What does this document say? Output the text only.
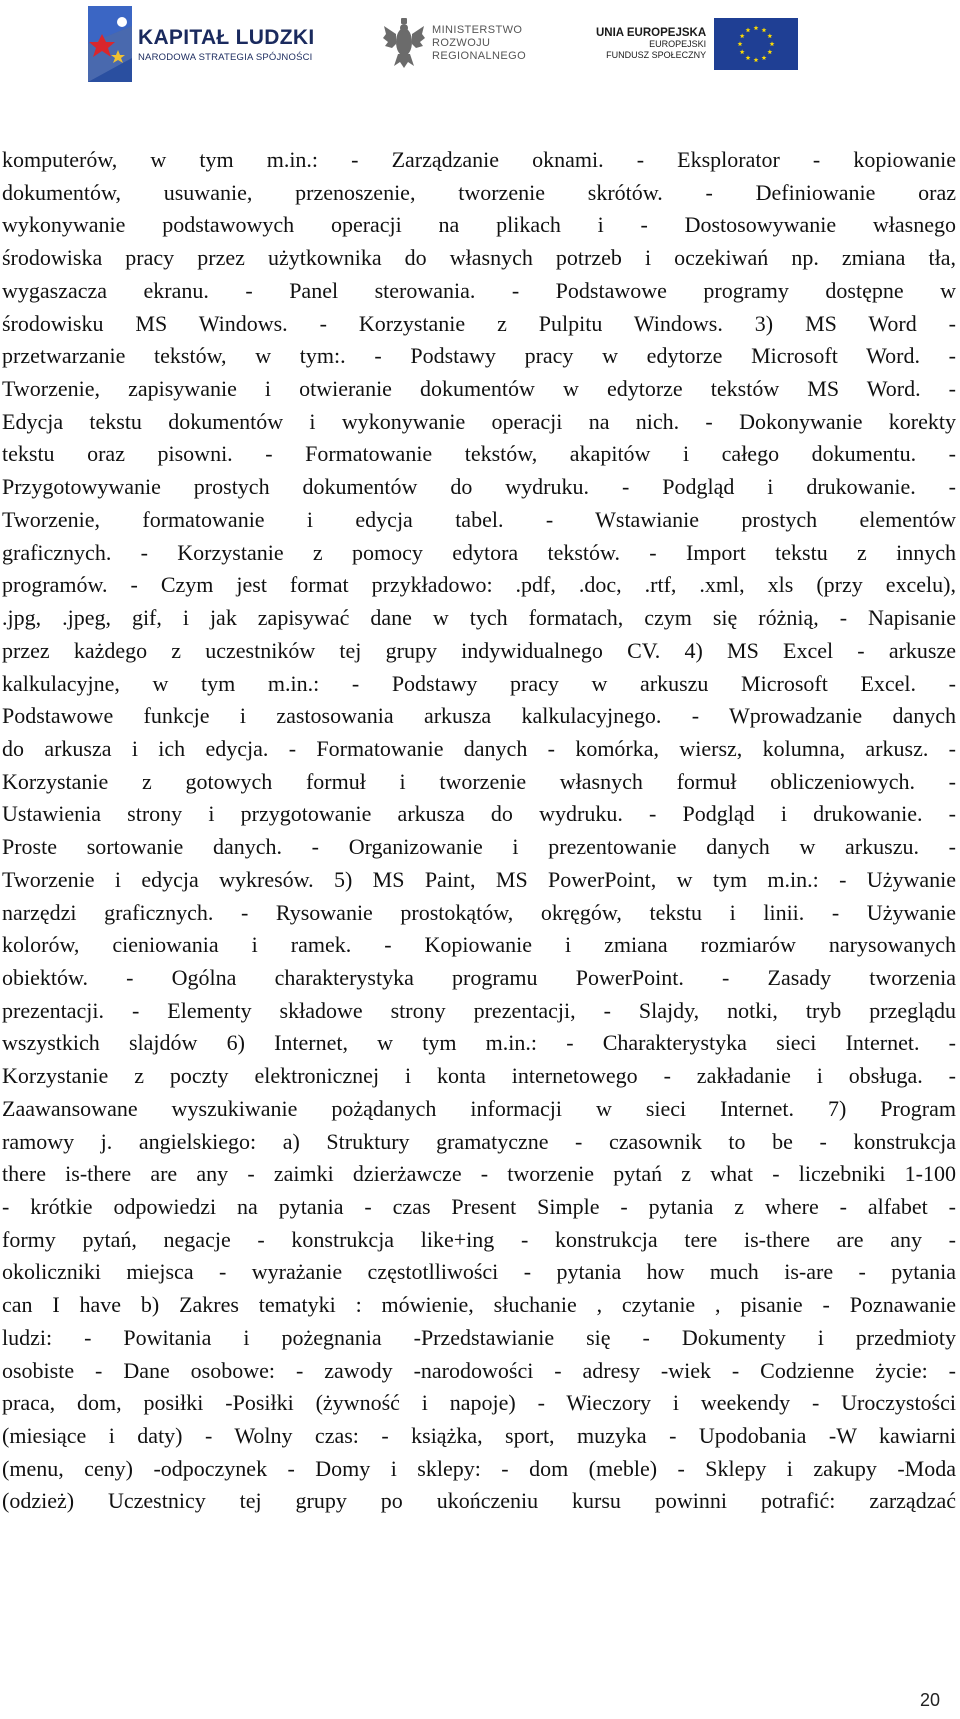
KAPITAŁ LUDZKI
NARODOWA STRATEGIA SPÓJNOŚCI
MINISTERSTWO
ROZWOJU
REGIONALNEGO
UNIA EUROPEJSKA
EUROPEJSKI
FUNDUSZ SPOŁECZNY
komputerów, w tym m.in.: - Zarządzanie oknami. - Eksplorator - kopiowanie
dokumentów, usuwanie, przenoszenie, tworzenie skrótów. - Definiowanie oraz
wykonywanie podstawowych operacji na plikach i - Dostosowywanie własnego
środowiska pracy przez użytkownika do własnych potrzeb i oczekiwań np. zmiana tła,
wygaszacza ekranu. - Panel sterowania. - Podstawowe programy dostępne w
środowisku MS Windows. - Korzystanie z Pulpitu Windows. 3) MS Word -
przetwarzanie tekstów, w tym:. - Podstawy pracy w edytorze Microsoft Word. -
Tworzenie, zapisywanie i otwieranie dokumentów w edytorze tekstów MS Word. -
Edycja tekstu dokumentów i wykonywanie operacji na nich. - Dokonywanie korekty
tekstu oraz pisowni. - Formatowanie tekstów, akapitów i całego dokumentu. -
Przygotowywanie prostych dokumentów do wydruku. - Podgląd i drukowanie. -
Tworzenie, formatowanie i edycja tabel. - Wstawianie prostych elementów
graficznych. - Korzystanie z pomocy edytora tekstów. - Import tekstu z innych
programów. - Czym jest format przykładowo: .pdf, .doc, .rtf, .xml, xls (przy excelu),
.jpg, .jpeg, gif, i jak zapisywać dane w tych formatach, czym się różnią, - Napisanie
przez każdego z uczestników tej grupy indywidualnego CV. 4) MS Excel - arkusze
kalkulacyjne, w tym m.in.: - Podstawy pracy w arkuszu Microsoft Excel. -
Podstawowe funkcje i zastosowania arkusza kalkulacyjnego. - Wprowadzanie danych
do arkusza i ich edycja. - Formatowanie danych - komórka, wiersz, kolumna, arkusz. -
Korzystanie z gotowych formuł i tworzenie własnych formuł obliczeniowych. -
Ustawienia strony i przygotowanie arkusza do wydruku. - Podgląd i drukowanie. -
Proste sortowanie danych. - Organizowanie i prezentowanie danych w arkuszu. -
Tworzenie i edycja wykresów. 5) MS Paint, MS PowerPoint, w tym m.in.: - Używanie
narzędzi graficznych. - Rysowanie prostokątów, okręgów, tekstu i linii. - Używanie
kolorów, cieniowania i ramek. - Kopiowanie i zmiana rozmiarów narysowanych
obiektów. - Ogólna charakterystyka programu PowerPoint. - Zasady tworzenia
prezentacji. - Elementy składowe strony prezentacji, - Slajdy, notki, tryb przeglądu
wszystkich slajdów 6) Internet, w tym m.in.: - Charakterystyka sieci Internet. -
Korzystanie z poczty elektronicznej i konta internetowego - zakładanie i obsługa. -
Zaawansowane wyszukiwanie pożądanych informacji w sieci Internet. 7) Program
ramowy j. angielskiego: a) Struktury gramatyczne - czasownik to be - konstrukcja
there is-there are any - zaimki dzierżawcze - tworzenie pytań z what - liczebniki 1-100
- krótkie odpowiedzi na pytania - czas Present Simple - pytania z where - alfabet -
formy pytań, negacje - konstrukcja like+ing - konstrukcja tere is-there are any -
okoliczniki miejsca - wyrażanie częstotlliwości - pytania how much is-are - pytania
can I have b) Zakres tematyki : mówienie, słuchanie , czytanie , pisanie - Poznawanie
ludzi: - Powitania i pożegnania -Przedstawianie się - Dokumenty i przedmioty
osobiste - Dane osobowe: - zawody -narodowości - adresy -wiek - Codzienne życie: -
praca, dom, posiłki -Posiłki (żywność i napoje) - Wieczory i weekendy - Uroczystości
(miesiące i daty) - Wolny czas: - książka, sport, muzyka - Upodobania -W kawiarni
(menu, ceny) -odpoczynek - Domy i sklepy: - dom (meble) - Sklepy i zakupy -Moda
(odzież) Uczestnicy tej grupy po ukończeniu kursu powinni potrafić: zarządzać
20
